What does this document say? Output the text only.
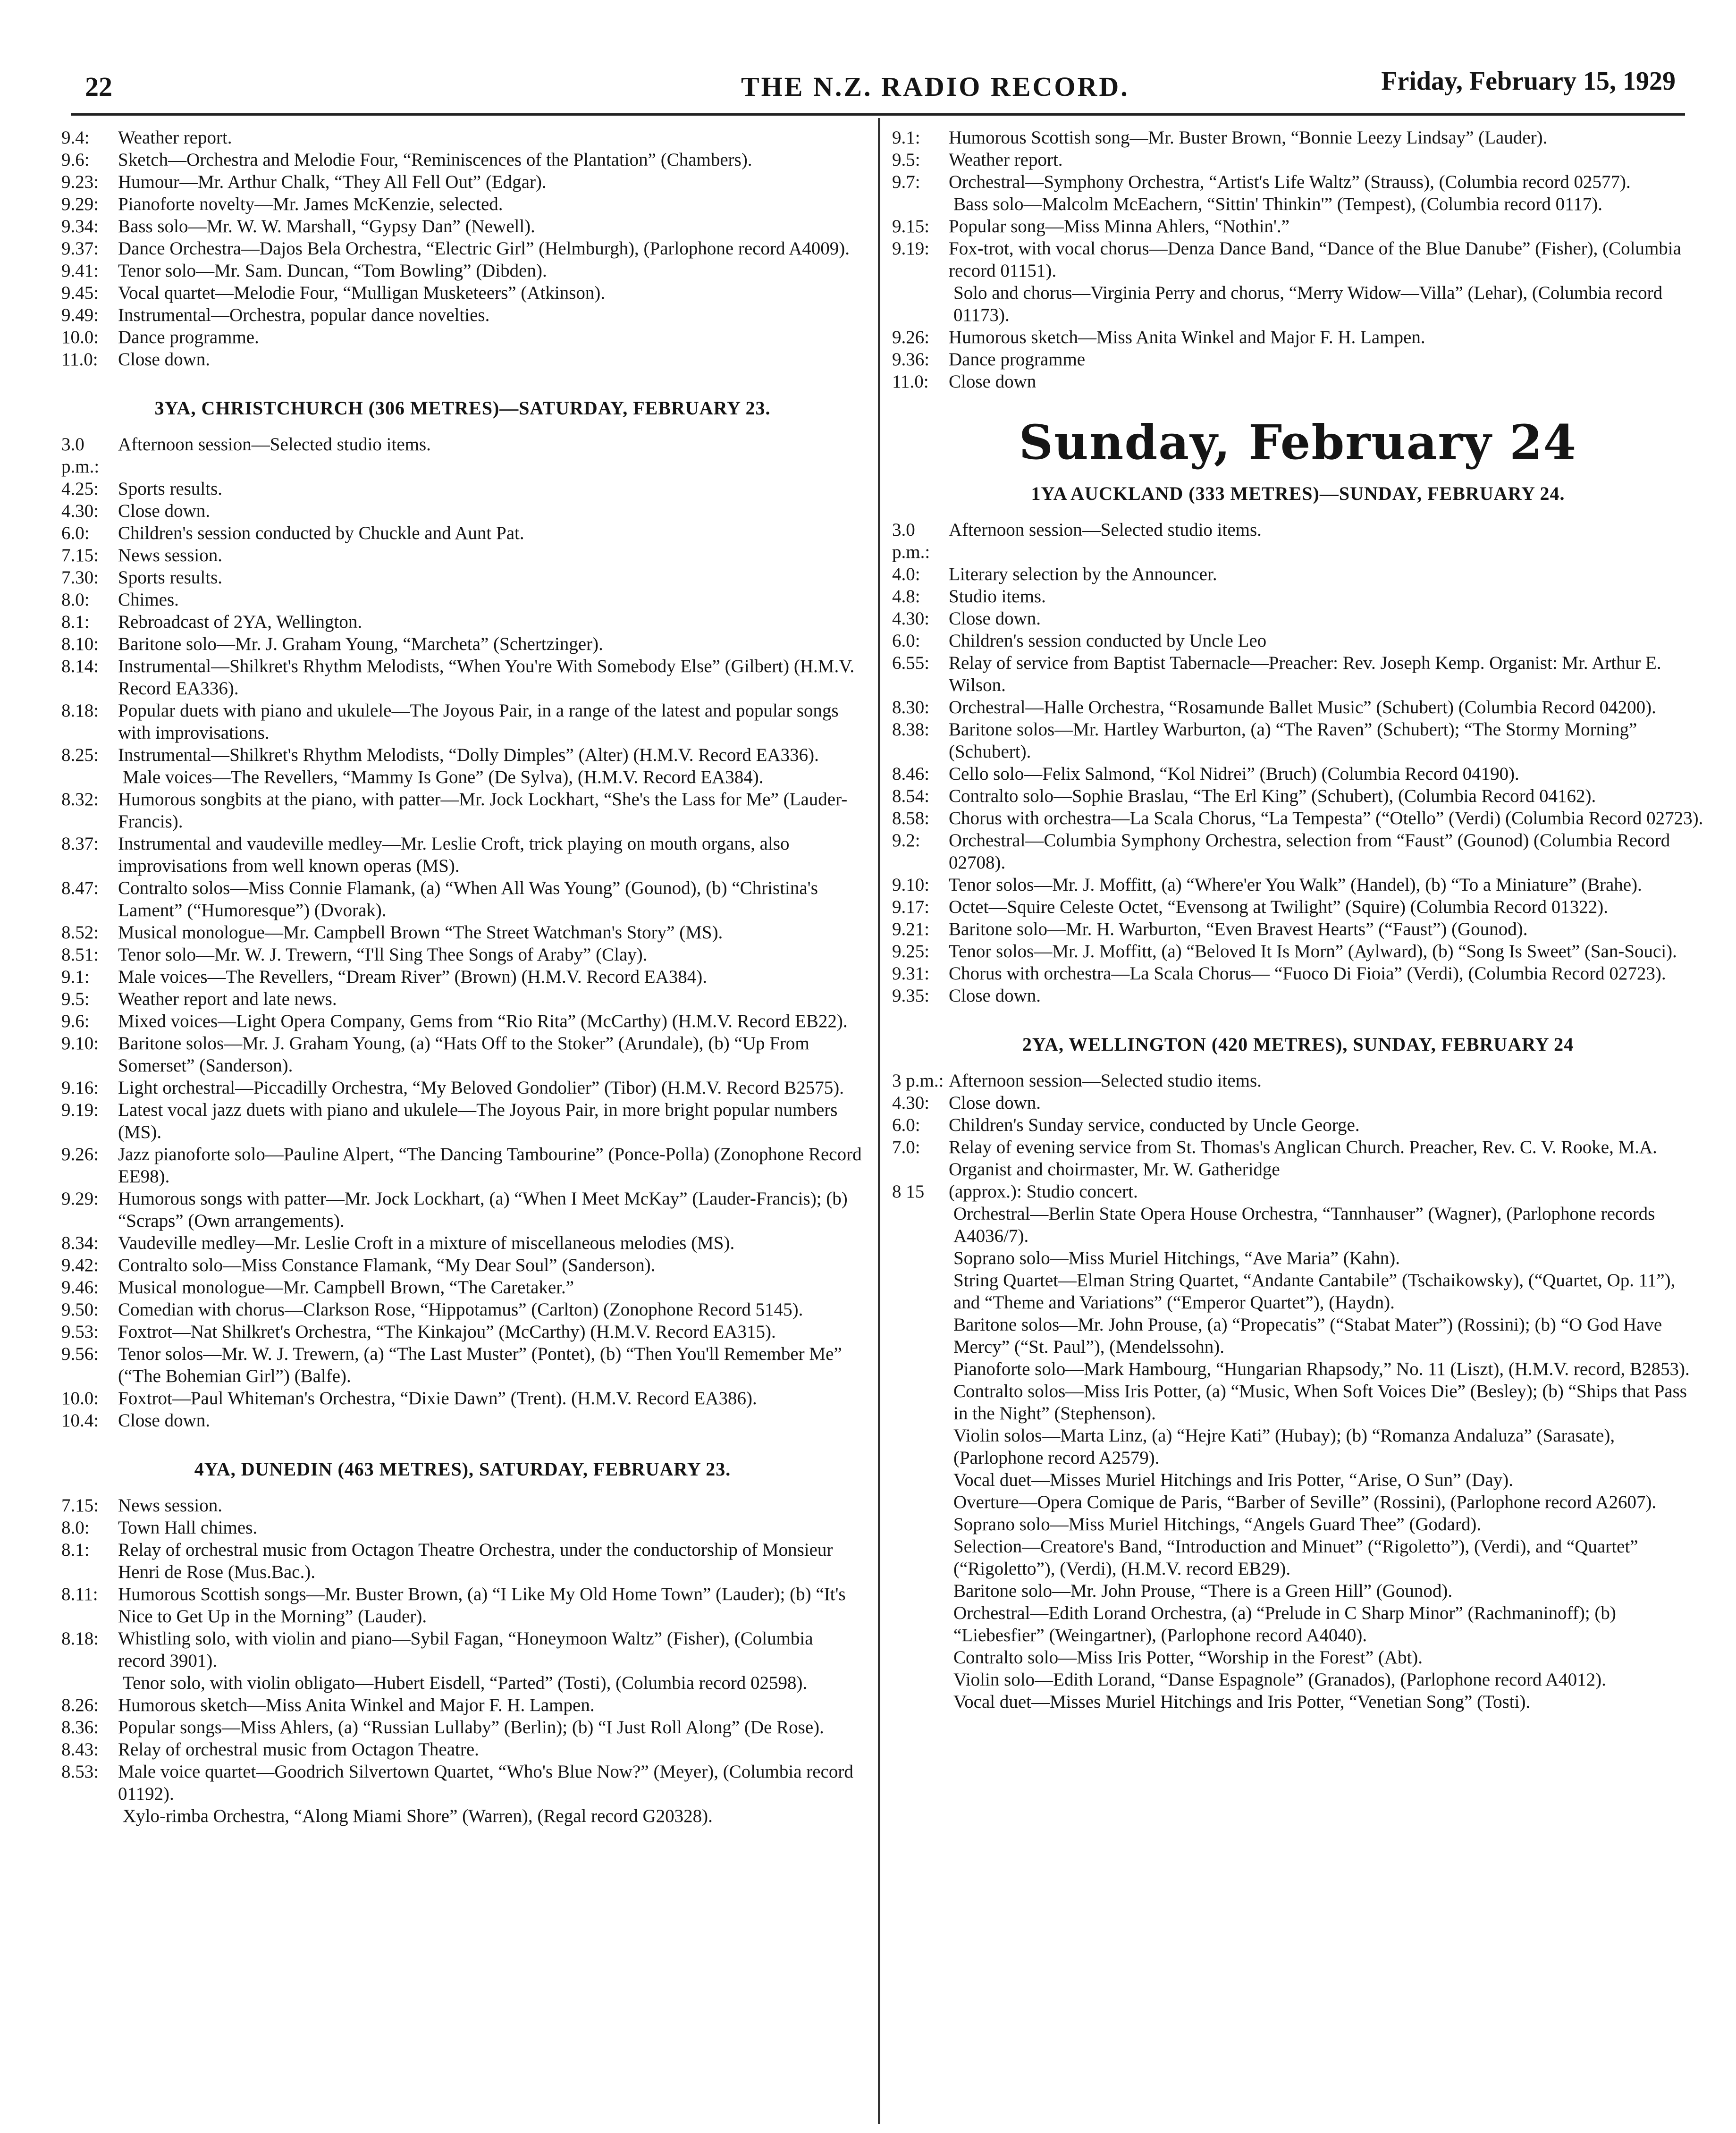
22	THE N.Z. RADIO RECORD.	Friday, February 15, 1929
9.4:	Weather report.
9.6:	Sketch—Orchestra and Melodie Four, “Reminiscences of the Plantation” (Chambers).
9.23:	Humour—Mr. Arthur Chalk, “They All Fell Out” (Edgar).
9.29:	Pianoforte novelty—Mr. James McKenzie, selected.
9.34:	Bass solo—Mr. W. W. Marshall, “Gypsy Dan” (Newell).
9.37:	Dance Orchestra—Dajos Bela Orchestra, “Electric Girl” (Helmburgh), (Parlophone record A4009).
9.41:	Tenor solo—Mr. Sam. Duncan, “Tom Bowling” (Dibden).
9.45:	Vocal quartet—Melodie Four, “Mulligan Musketeers” (Atkinson).
9.49:	Instrumental—Orchestra, popular dance novelties.
10.0:	Dance programme.
11.0:	Close down.
3YA, CHRISTCHURCH (306 METRES)—SATURDAY, FEBRUARY 23.
3.0 p.m.:
Afternoon session—Selected studio items.
4.25:	Sports results.
4.30:	Close down.
6.0:	Children's session conducted by Chuckle and Aunt Pat.
7.15:	News session.
7.30:	Sports results.
8.0:	Chimes.
8.1:	Rebroadcast of 2YA, Wellington.
8.10:	Baritone solo—Mr. J. Graham Young, “Marcheta” (Schertzinger).
8.14:	Instrumental—Shilkret's Rhythm Melodists, “When You're With Somebody Else” (Gilbert) (H.M.V. Record EA336).
8.18:	Popular duets with piano and ukulele—The Joyous Pair, in a range of the latest and popular songs with improvisations.
8.25:	Instrumental—Shilkret's Rhythm Melodists, “Dolly Dimples” (Alter) (H.M.V. Record EA336).
Male voices—The Revellers, “Mammy Is Gone” (De Sylva), (H.M.V. Record EA384).
8.32:	Humorous songbits at the piano, with patter—Mr. Jock Lockhart, “She's the Lass for Me” (Lauder-Francis).
8.37:	Instrumental and vaudeville medley—Mr. Leslie Croft, trick playing on mouth organs, also improvisations from well known operas (MS).
8.47:	Contralto solos—Miss Connie Flamank, (a) “When All Was Young” (Gounod), (b) “Christina's Lament” (“Humoresque”) (Dvorak).
8.52:	Musical monologue—Mr. Campbell Brown “The Street Watchman's Story” (MS).
8.51:	Tenor solo—Mr. W. J. Trewern, “I'll Sing Thee Songs of Araby” (Clay).
9.1:	Male voices—The Revellers, “Dream River” (Brown) (H.M.V. Record EA384).
9.5:	Weather report and late news.
9.6:	Mixed voices—Light Opera Company, Gems from “Rio Rita” (McCarthy) (H.M.V. Record EB22).
9.10:	Baritone solos—Mr. J. Graham Young, (a) “Hats Off to the Stoker” (Arundale), (b) “Up From Somerset” (Sanderson).
9.16:	Light orchestral—Piccadilly Orchestra, “My Beloved Gondolier” (Tibor) (H.M.V. Record B2575).
9.19:	Latest vocal jazz duets with piano and ukulele—The Joyous Pair, in more bright popular numbers (MS).
9.26:	Jazz pianoforte solo—Pauline Alpert, “The Dancing Tambourine” (Ponce-Polla) (Zonophone Record EE98).
9.29:	Humorous songs with patter—Mr. Jock Lockhart, (a) “When I Meet McKay” (Lauder-Francis); (b) “Scraps” (Own arrangements).
8.34:	Vaudeville medley—Mr. Leslie Croft in a mixture of miscellaneous melodies (MS).
9.42:	Contralto solo—Miss Constance Flamank, “My Dear Soul” (Sanderson).
9.46:	Musical monologue—Mr. Campbell Brown, “The Caretaker.”
9.50:	Comedian with chorus—Clarkson Rose, “Hippotamus” (Carlton) (Zonophone Record 5145).
9.53:	Foxtrot—Nat Shilkret's Orchestra, “The Kinkajou” (McCarthy) (H.M.V. Record EA315).
9.56:	Tenor solos—Mr. W. J. Trewern, (a) “The Last Muster” (Pontet), (b) “Then You'll Remember Me” (“The Bohemian Girl”) (Balfe).
10.0:	Foxtrot—Paul Whiteman's Orchestra, “Dixie Dawn” (Trent). (H.M.V. Record EA386).
10.4:	Close down.
4YA, DUNEDIN (463 METRES), SATURDAY, FEBRUARY 23.
7.15:	News session.
8.0:	Town Hall chimes.
8.1:	Relay of orchestral music from Octagon Theatre Orchestra, under the conductorship of Monsieur Henri de Rose (Mus.Bac.).
8.11:	Humorous Scottish songs—Mr. Buster Brown, (a) “I Like My Old Home Town” (Lauder); (b) “It's Nice to Get Up in the Morning” (Lauder).
8.18:	Whistling solo, with violin and piano—Sybil Fagan, “Honeymoon Waltz” (Fisher), (Columbia record 3901).
Tenor solo, with violin obligato—Hubert Eisdell, “Parted” (Tosti), (Columbia record 02598).
8.26:	Humorous sketch—Miss Anita Winkel and Major F. H. Lampen.
8.36:	Popular songs—Miss Ahlers, (a) “Russian Lullaby” (Berlin); (b) “I Just Roll Along” (De Rose).
8.43:	Relay of orchestral music from Octagon Theatre.
8.53:	Male voice quartet—Goodrich Silvertown Quartet, “Who's Blue Now?” (Meyer), (Columbia record 01192).
Xylo-rimba Orchestra, “Along Miami Shore” (Warren), (Regal record G20328).
9.1:	Humorous Scottish song—Mr. Buster Brown, “Bonnie Leezy Lindsay” (Lauder).
9.5:	Weather report.
9.7:	Orchestral—Symphony Orchestra, “Artist's Life Waltz” (Strauss), (Columbia record 02577).
Bass solo—Malcolm McEachern, “Sittin' Thinkin'” (Tempest), (Columbia record 0117).
9.15:	Popular song—Miss Minna Ahlers, “Nothin'.”
9.19:	Fox-trot, with vocal chorus—Denza Dance Band, “Dance of the Blue Danube” (Fisher), (Columbia record 01151).
Solo and chorus—Virginia Perry and chorus, “Merry Widow—Villa” (Lehar), (Columbia record 01173).
9.26:	Humorous sketch—Miss Anita Winkel and Major F. H. Lampen.
9.36:	Dance programme
11.0:	Close down
Sunday, February 24
1YA AUCKLAND (333 METRES)—SUNDAY, FEBRUARY 24.
3.0 p.m.:
Afternoon session—Selected studio items.
4.0:	Literary selection by the Announcer.
4.8:	Studio items.
4.30:	Close down.
6.0:	Children's session conducted by Uncle Leo
6.55:	Relay of service from Baptist Tabernacle—Preacher: Rev. Joseph Kemp. Organist: Mr. Arthur E. Wilson.
8.30:	Orchestral—Halle Orchestra, “Rosamunde Ballet Music” (Schubert) (Columbia Record 04200).
8.38:	Baritone solos—Mr. Hartley Warburton, (a) “The Raven” (Schubert); “The Stormy Morning” (Schubert).
8.46:	Cello solo—Felix Salmond, “Kol Nidrei” (Bruch) (Columbia Record 04190).
8.54:	Contralto solo—Sophie Braslau, “The Erl King” (Schubert), (Columbia Record 04162).
8.58:	Chorus with orchestra—La Scala Chorus, “La Tempesta” (“Otello” (Verdi) (Columbia Record 02723).
9.2:	Orchestral—Columbia Symphony Orchestra, selection from “Faust” (Gounod) (Columbia Record 02708).
9.10:	Tenor solos—Mr. J. Moffitt, (a) “Where'er You Walk” (Handel), (b) “To a Miniature” (Brahe).
9.17:	Octet—Squire Celeste Octet, “Evensong at Twilight” (Squire) (Columbia Record 01322).
9.21:	Baritone solo—Mr. H. Warburton, “Even Bravest Hearts” (“Faust”) (Gounod).
9.25:	Tenor solos—Mr. J. Moffitt, (a) “Beloved It Is Morn” (Aylward), (b) “Song Is Sweet” (San-Souci).
9.31:	Chorus with orchestra—La Scala Chorus— “Fuoco Di Fioia” (Verdi), (Columbia Record 02723).
9.35:	Close down.
2YA, WELLINGTON (420 METRES), SUNDAY, FEBRUARY 24
3 p.m.: Afternoon session—Selected studio items.
4.30:	Close down.
6.0:	Children's Sunday service, conducted by Uncle George.
7.0:	Relay of evening service from St. Thomas's Anglican Church. Preacher, Rev. C. V. Rooke, M.A. Organist and choirmaster, Mr. W. Gatheridge
8 15	(approx.): Studio concert.
Orchestral—Berlin State Opera House Orchestra, “Tannhauser” (Wagner), (Parlophone records A4036/7).
Soprano solo—Miss Muriel Hitchings, “Ave Maria” (Kahn).
String Quartet—Elman String Quartet, “Andante Cantabile” (Tschaikowsky), (“Quartet, Op. 11”), and “Theme and Variations” (“Emperor Quartet”), (Haydn).
Baritone solos—Mr. John Prouse, (a) “Propecatis” (“Stabat Mater”) (Rossini); (b) “O God Have Mercy” (“St. Paul”), (Mendelssohn).
Pianoforte solo—Mark Hambourg, “Hungarian Rhapsody,” No. 11 (Liszt), (H.M.V. record, B2853).
Contralto solos—Miss Iris Potter, (a) “Music, When Soft Voices Die” (Besley); (b) “Ships that Pass in the Night” (Stephenson).
Violin solos—Marta Linz, (a) “Hejre Kati” (Hubay); (b) “Romanza Andaluza” (Sarasate), (Parlophone record A2579).
Vocal duet—Misses Muriel Hitchings and Iris Potter, “Arise, O Sun” (Day).
Overture—Opera Comique de Paris, “Barber of Seville” (Rossini), (Parlophone record A2607).
Soprano solo—Miss Muriel Hitchings, “Angels Guard Thee” (Godard).
Selection—Creatore's Band, “Introduction and Minuet” (“Rigoletto”), (Verdi), and “Quartet” (“Rigoletto”), (Verdi), (H.M.V. record EB29).
Baritone solo—Mr. John Prouse, “There is a Green Hill” (Gounod).
Orchestral—Edith Lorand Orchestra, (a) “Prelude in C Sharp Minor” (Rachmaninoff); (b) “Liebesfier” (Weingartner), (Parlophone record A4040).
Contralto solo—Miss Iris Potter, “Worship in the Forest” (Abt).
Violin solo—Edith Lorand, “Danse Espagnole” (Granados), (Parlophone record A4012).
Vocal duet—Misses Muriel Hitchings and Iris Potter, “Venetian Song” (Tosti).
